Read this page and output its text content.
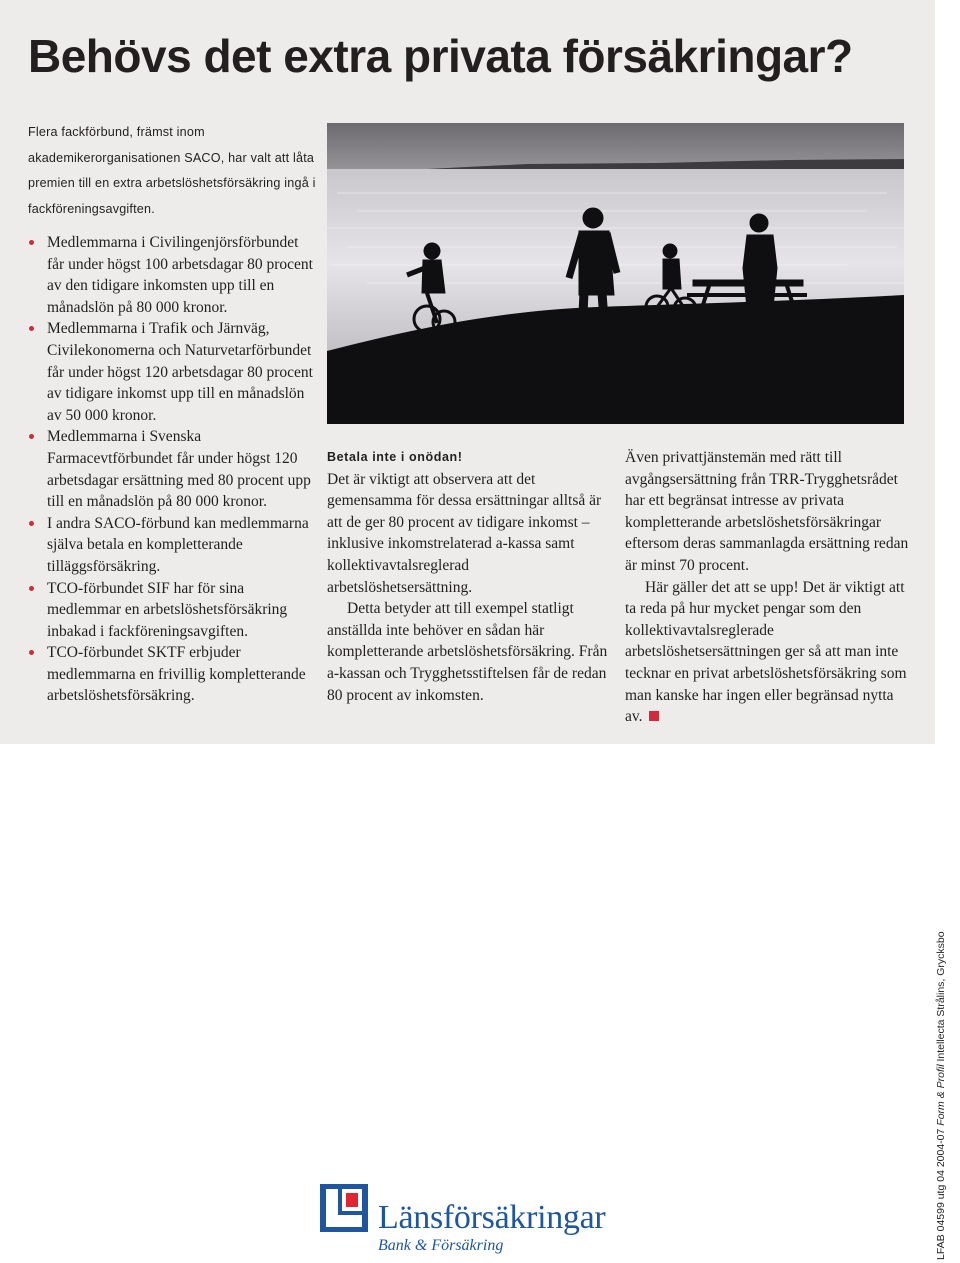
Behövs det extra privata försäkringar?

Flera fackförbund, främst inom akademikerorganisationen SACO, har valt att låta premien till en extra arbetslöshetsförsäkring ingå i fackföreningsavgiften.

Medlemmarna i Civilingenjörsförbundet får under högst 100 arbetsdagar 80 procent av den tidigare inkomsten upp till en månadslön på 80 000 kronor.
Medlemmarna i Trafik och Järnväg, Civilekonomerna och Naturvetarförbundet får under högst 120 arbetsdagar 80 procent av tidigare inkomst upp till en månadslön av 50 000 kronor.
Medlemmarna i Svenska Farmacevtförbundet får under högst 120 arbetsdagar ersättning med 80 procent upp till en månadslön på 80 000 kronor.
I andra SACO-förbund kan medlemmarna själva betala en kompletterande tilläggsförsäkring.
TCO-förbundet SIF har för sina medlemmar en arbetslöshetsförsäkring inbakad i fackföreningsavgiften.
TCO-förbundet SKTF erbjuder medlemmarna en frivillig kompletterande arbetslöshetsförsäkring.
Betala inte i onödan!

Det är viktigt att observera att det gemensamma för dessa ersättningar alltså är att de ger 80 procent av tidigare inkomst – inklusive inkomstrelaterad a-kassa samt kollektivavtalsreglerad arbetslöshetsersättning.

Detta betyder att till exempel statligt anställda inte behöver en sådan här kompletterande arbetslöshetsförsäkring. Från a-kassan och Trygghetsstiftelsen får de redan 80 procent av inkomsten.

Även privattjänstemän med rätt till avgångsersättning från TRR-Trygghetsrådet har ett begränsat intresse av privata kompletterande arbetslöshetsförsäkringar eftersom deras sammanlagda ersättning redan är minst 70 procent.

Här gäller det att se upp! Det är viktigt att ta reda på hur mycket pengar som den kollektivavtalsreglerade arbetslöshetsersättningen ger så att man inte tecknar en privat arbetslöshetsförsäkring som man kanske har ingen eller begränsad nytta av.

Länsförsäkringar
Bank & Försäkring	LFAB 04599 utg 04 2004-07 Form & Profil Intellecta Strålins, Grycksbo
